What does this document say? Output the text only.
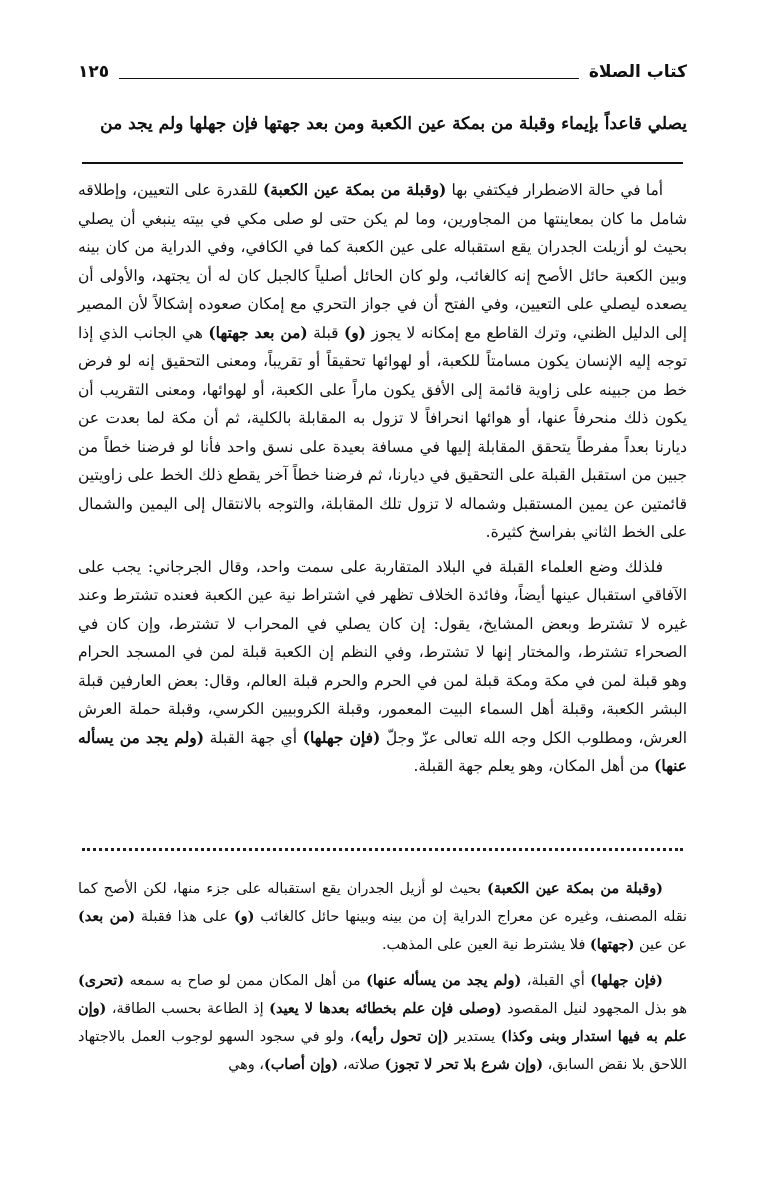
كتاب الصلاة
١٢٥
يصلي قاعداً بإيماء وقبلة من بمكة عين الكعبة ومن بعد جهتها فإن جهلها ولم يجد من

أما في حالة الاضطرار فيكتفي بها (وقبلة من بمكة عين الكعبة) للقدرة على التعيين، وإطلاقه شامل ما كان بمعاينتها من المجاورين، وما لم يكن حتى لو صلى مكي في بيته ينبغي أن يصلي بحيث لو أزيلت الجدران يقع استقباله على عين الكعبة كما في الكافي، وفي الدراية من كان بينه وبين الكعبة حائل الأصح إنه كالغائب، ولو كان الحائل أصلياً كالجبل كان له أن يجتهد، والأولى أن يصعده ليصلي على التعيين، وفي الفتح أن في جواز التحري مع إمكان صعوده إشكالاً لأن المصير إلى الدليل الظني، وترك القاطع مع إمكانه لا يجوز (و) قبلة (من بعد جهتها) هي الجانب الذي إذا توجه إليه الإنسان يكون مسامتاً للكعبة، أو لهوائها تحقيقاً أو تقريباً، ومعنى التحقيق إنه لو فرض خط من جبينه على زاوية قائمة إلى الأفق يكون ماراً على الكعبة، أو لهوائها، ومعنى التقريب أن يكون ذلك منحرفاً عنها، أو هوائها انحرافاً لا تزول به المقابلة بالكلية، ثم أن مكة لما بعدت عن ديارنا بعداً مفرطاً يتحقق المقابلة إليها في مسافة بعيدة على نسق واحد فأنا لو فرضنا خطاً من جبين من استقبل القبلة على التحقيق في ديارنا، ثم فرضنا خطاً آخر يقطع ذلك الخط على زاويتين قائمتين عن يمين المستقبل وشماله لا تزول تلك المقابلة، والتوجه بالانتقال إلى اليمين والشمال على الخط الثاني بفراسخ كثيرة.

فلذلك وضع العلماء القبلة في البلاد المتقاربة على سمت واحد، وقال الجرجاني: يجب على الآفاقي استقبال عينها أيضاً، وفائدة الخلاف تظهر في اشتراط نية عين الكعبة فعنده تشترط وعند غيره لا تشترط وبعض المشايخ، يقول: إن كان يصلي في المحراب لا تشترط، وإن كان في الصحراء تشترط، والمختار إنها لا تشترط، وفي النظم إن الكعبة قبلة لمن في المسجد الحرام وهو قبلة لمن في مكة ومكة قبلة لمن في الحرم والحرم قبلة العالم، وقال: بعض العارفين قبلة البشر الكعبة، وقبلة أهل السماء البيت المعمور، وقبلة الكروبيين الكرسي، وقبلة حملة العرش العرش، ومطلوب الكل وجه الله تعالى عزّ وجلّ (فإن جهلها) أي جهة القبلة (ولم يجد من يسأله عنها) من أهل المكان، وهو يعلم جهة القبلة.

(وقبلة من بمكة عين الكعبة) بحيث لو أزيل الجدران يقع استقباله على جزء منها، لكن الأصح كما نقله المصنف، وغيره عن معراج الدراية إن من بينه وبينها حائل كالغائب (و) على هذا فقبلة (من بعد) عن عين (جهتها) فلا يشترط نية العين على المذهب.

(فإن جهلها) أي القبلة، (ولم يجد من يسأله عنها) من أهل المكان ممن لو صاح به سمعه (تحرى) هو بذل المجهود لنيل المقصود (وصلى فإن علم بخطائه بعدها لا يعيد) إذ الطاعة بحسب الطاقة، (وإن علم به فيها استدار وبنى وكذا) يستدير (إن تحول رأيه)، ولو في سجود السهو لوجوب العمل بالاجتهاد اللاحق بلا نقض السابق، (وإن شرع بلا تحر لا تجوز) صلاته، (وإن أصاب)، وهي
